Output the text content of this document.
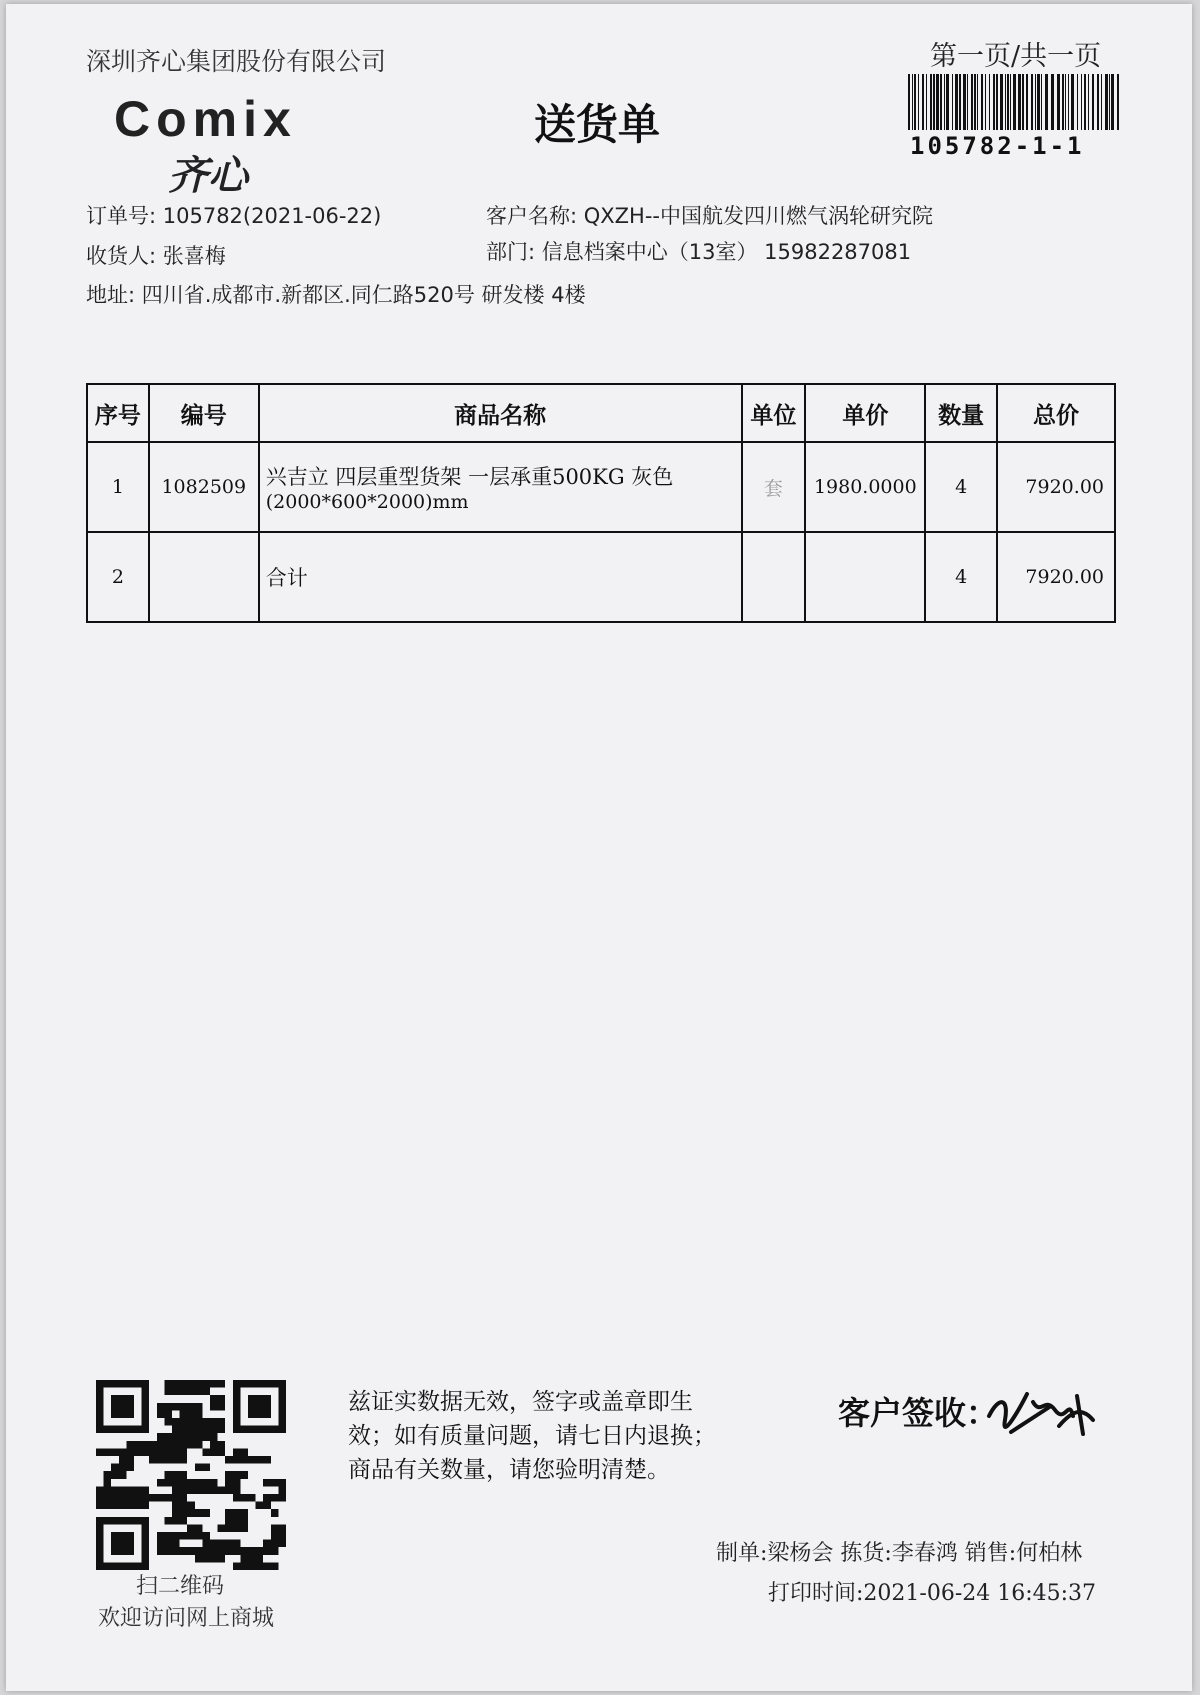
深圳齐心集团股份有限公司
Comix
齐心
送货单
第一页/共一页
105782-1-1
订单号: 105782(2021-06-22)	客户名称: QXZH--中国航发四川燃气涡轮研究院
收货人: 张喜梅	部门: 信息档案中心（13室） 15982287081
地址: 四川省.成都市.新都区.同仁路520号 研发楼 4楼
序号	编号	商品名称	单位	单价	数量	总价
1	1082509	兴吉立 四层重型货架 一层承重500KG 灰色
(2000*600*2000)mm	套	1980.0000	4	7920.00
2		合计			4	7920.00
扫二维码
欢迎访问网上商城
兹证实数据无效，签字或盖章即生
效；如有质量问题，请七日内退换；
商品有关数量，请您验明清楚。
客户签收：
制单:梁杨会 拣货:李春鸿 销售:何柏林
打印时间:2021-06-24 16:45:37
